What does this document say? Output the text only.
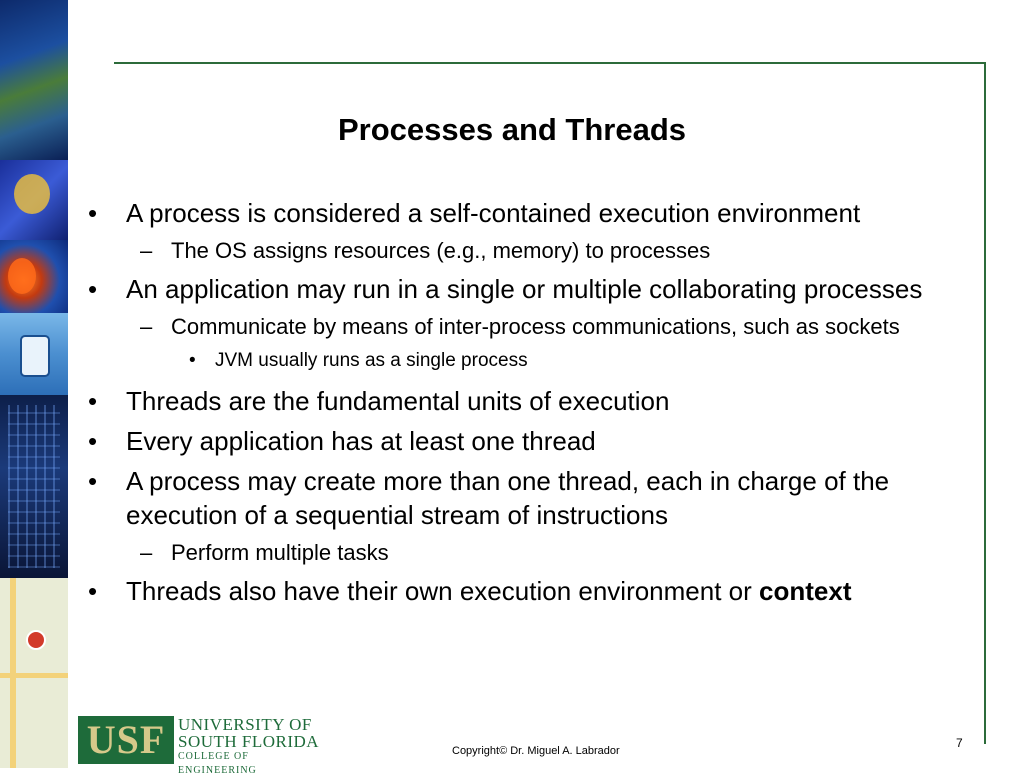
Processes and Threads
• A process is considered a self-contained execution environment
– The OS assigns resources (e.g., memory) to processes
• An application may run in a single or multiple collaborating processes
– Communicate by means of inter-process communications, such as sockets
• JVM usually runs as a single process
• Threads are the fundamental units of execution
• Every application has at least one thread
• A process may create more than one thread, each in charge of the execution of a sequential stream of instructions
– Perform multiple tasks
• Threads also have their own execution environment or context
USF UNIVERSITY OF
SOUTH FLORIDA
COLLEGE OF ENGINEERING
Copyright© Dr. Miguel A. Labrador
7
